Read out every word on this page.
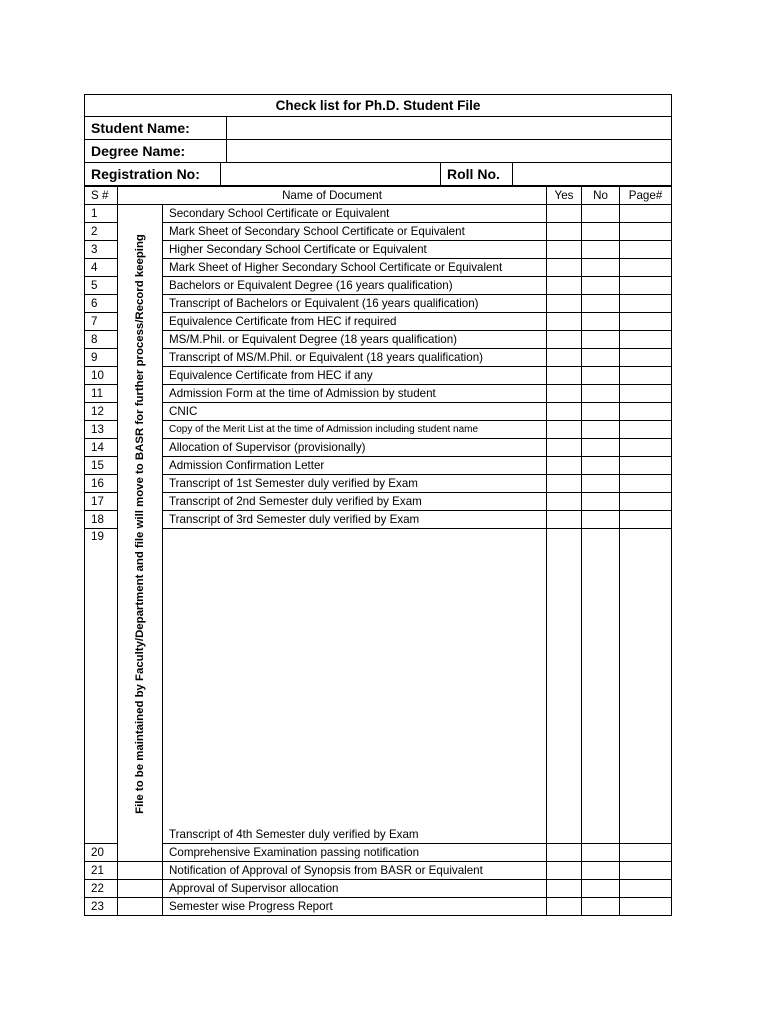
Check list for Ph.D. Student File				
Student Name:				
Degree Name:				
Registration No:			Roll No.	
S #	Name of Document		Yes	No	Page#
1	File to be maintained by Faculty/Department and file will move to BASR for further process/Record keeping	Secondary School Certificate or Equivalent			
2		Mark Sheet of Secondary School Certificate or Equivalent			
3		Higher Secondary School Certificate or Equivalent			
4		Mark Sheet of Higher Secondary School Certificate or Equivalent			
5		Bachelors or Equivalent Degree (16 years qualification)			
6		Transcript of Bachelors or Equivalent (16 years qualification)			
7		Equivalence Certificate from HEC if required			
8		MS/M.Phil. or Equivalent Degree (18 years qualification)			
9		Transcript of MS/M.Phil. or Equivalent (18 years qualification)			
10		Equivalence Certificate from HEC if any			
11		Admission Form at the time of Admission by student			
12		CNIC			
13		Copy of the Merit List at the time of Admission including student name			
14		Allocation of Supervisor (provisionally)			
15		Admission Confirmation Letter			
16		Transcript of 1st Semester duly verified by Exam			
17		Transcript of 2nd Semester duly verified by Exam			
18		Transcript of 3rd Semester duly verified by Exam			
19		Transcript of 4th Semester duly verified by Exam			
20		Comprehensive Examination passing notification			
21		Notification of Approval of Synopsis from BASR or Equivalent			
22		Approval of Supervisor allocation			
23		Semester wise Progress Report			
